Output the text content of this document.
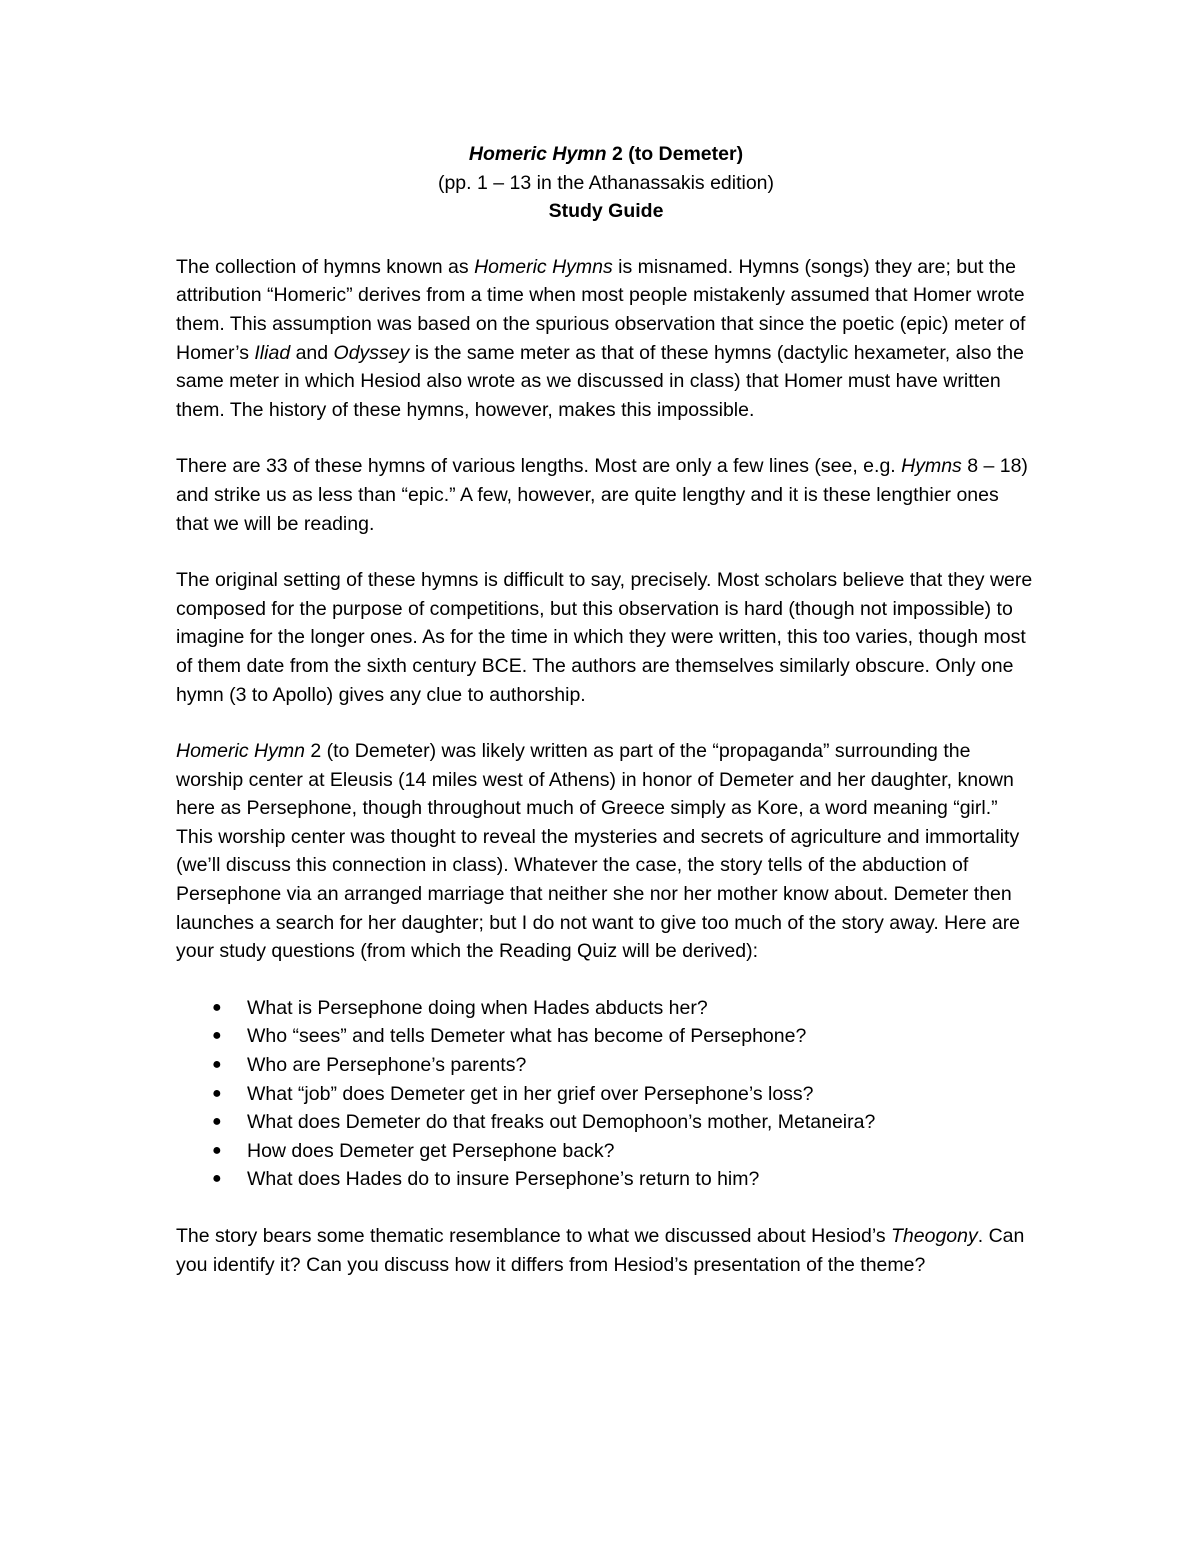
Homeric Hymn 2 (to Demeter)
(pp. 1 – 13 in the Athanassakis edition)
Study Guide

The collection of hymns known as Homeric Hymns is misnamed. Hymns (songs) they are; but the attribution “Homeric” derives from a time when most people mistakenly assumed that Homer wrote them. This assumption was based on the spurious observation that since the poetic (epic) meter of Homer’s Iliad and Odyssey is the same meter as that of these hymns (dactylic hexameter, also the same meter in which Hesiod also wrote as we discussed in class) that Homer must have written them. The history of these hymns, however, makes this impossible.

There are 33 of these hymns of various lengths. Most are only a few lines (see, e.g. Hymns 8 – 18) and strike us as less than “epic.” A few, however, are quite lengthy and it is these lengthier ones that we will be reading.

The original setting of these hymns is difficult to say, precisely. Most scholars believe that they were composed for the purpose of competitions, but this observation is hard (though not impossible) to imagine for the longer ones. As for the time in which they were written, this too varies, though most of them date from the sixth century BCE. The authors are themselves similarly obscure. Only one hymn (3 to Apollo) gives any clue to authorship.

Homeric Hymn 2 (to Demeter) was likely written as part of the “propaganda” surrounding the worship center at Eleusis (14 miles west of Athens) in honor of Demeter and her daughter, known here as Persephone, though throughout much of Greece simply as Kore, a word meaning “girl.” This worship center was thought to reveal the mysteries and secrets of agriculture and immortality (we’ll discuss this connection in class). Whatever the case, the story tells of the abduction of Persephone via an arranged marriage that neither she nor her mother know about. Demeter then launches a search for her daughter; but I do not want to give too much of the story away. Here are your study questions (from which the Reading Quiz will be derived):

● What is Persephone doing when Hades abducts her?
● Who “sees” and tells Demeter what has become of Persephone?
● Who are Persephone’s parents?
● What “job” does Demeter get in her grief over Persephone’s loss?
● What does Demeter do that freaks out Demophoon’s mother, Metaneira?
● How does Demeter get Persephone back?
● What does Hades do to insure Persephone’s return to him?

The story bears some thematic resemblance to what we discussed about Hesiod’s Theogony. Can you identify it? Can you discuss how it differs from Hesiod’s presentation of the theme?
